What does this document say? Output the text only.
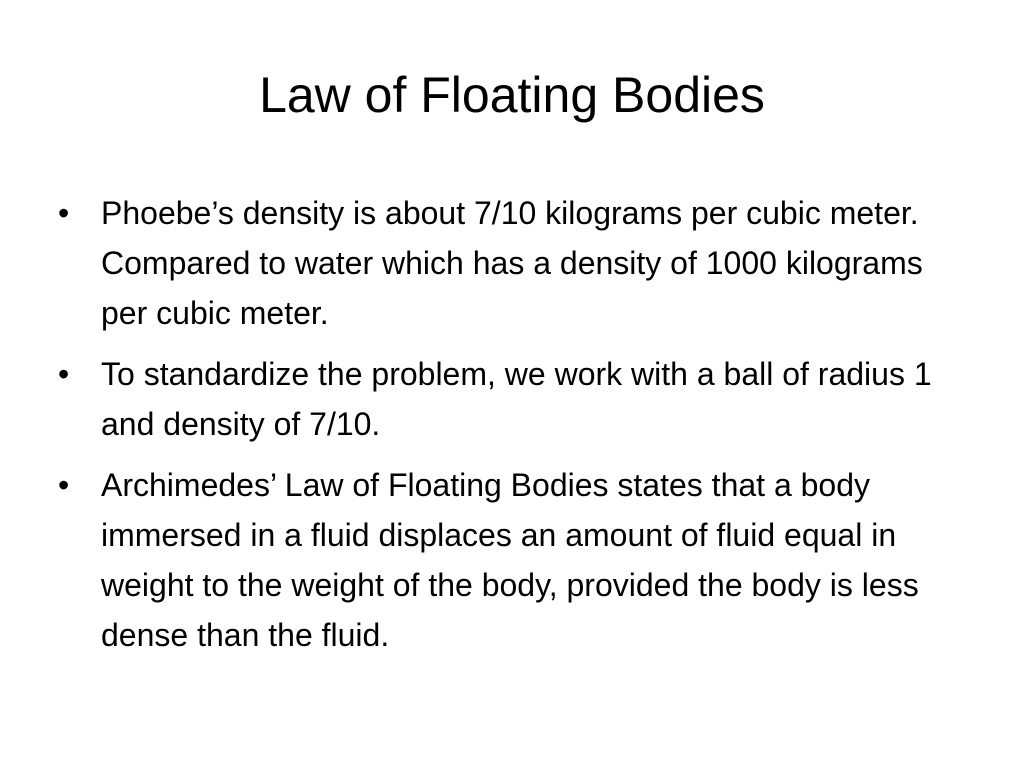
Law of Floating Bodies
• Phoebe’s density is about 7/10 kilograms per cubic meter. Compared to water which has a density of 1000 kilograms per cubic meter.
• To standardize the problem, we work with a ball of radius 1 and density of 7/10.
• Archimedes’ Law of Floating Bodies states that a body immersed in a fluid displaces an amount of fluid equal in weight to the weight of the body, provided the body is less dense than the fluid.
